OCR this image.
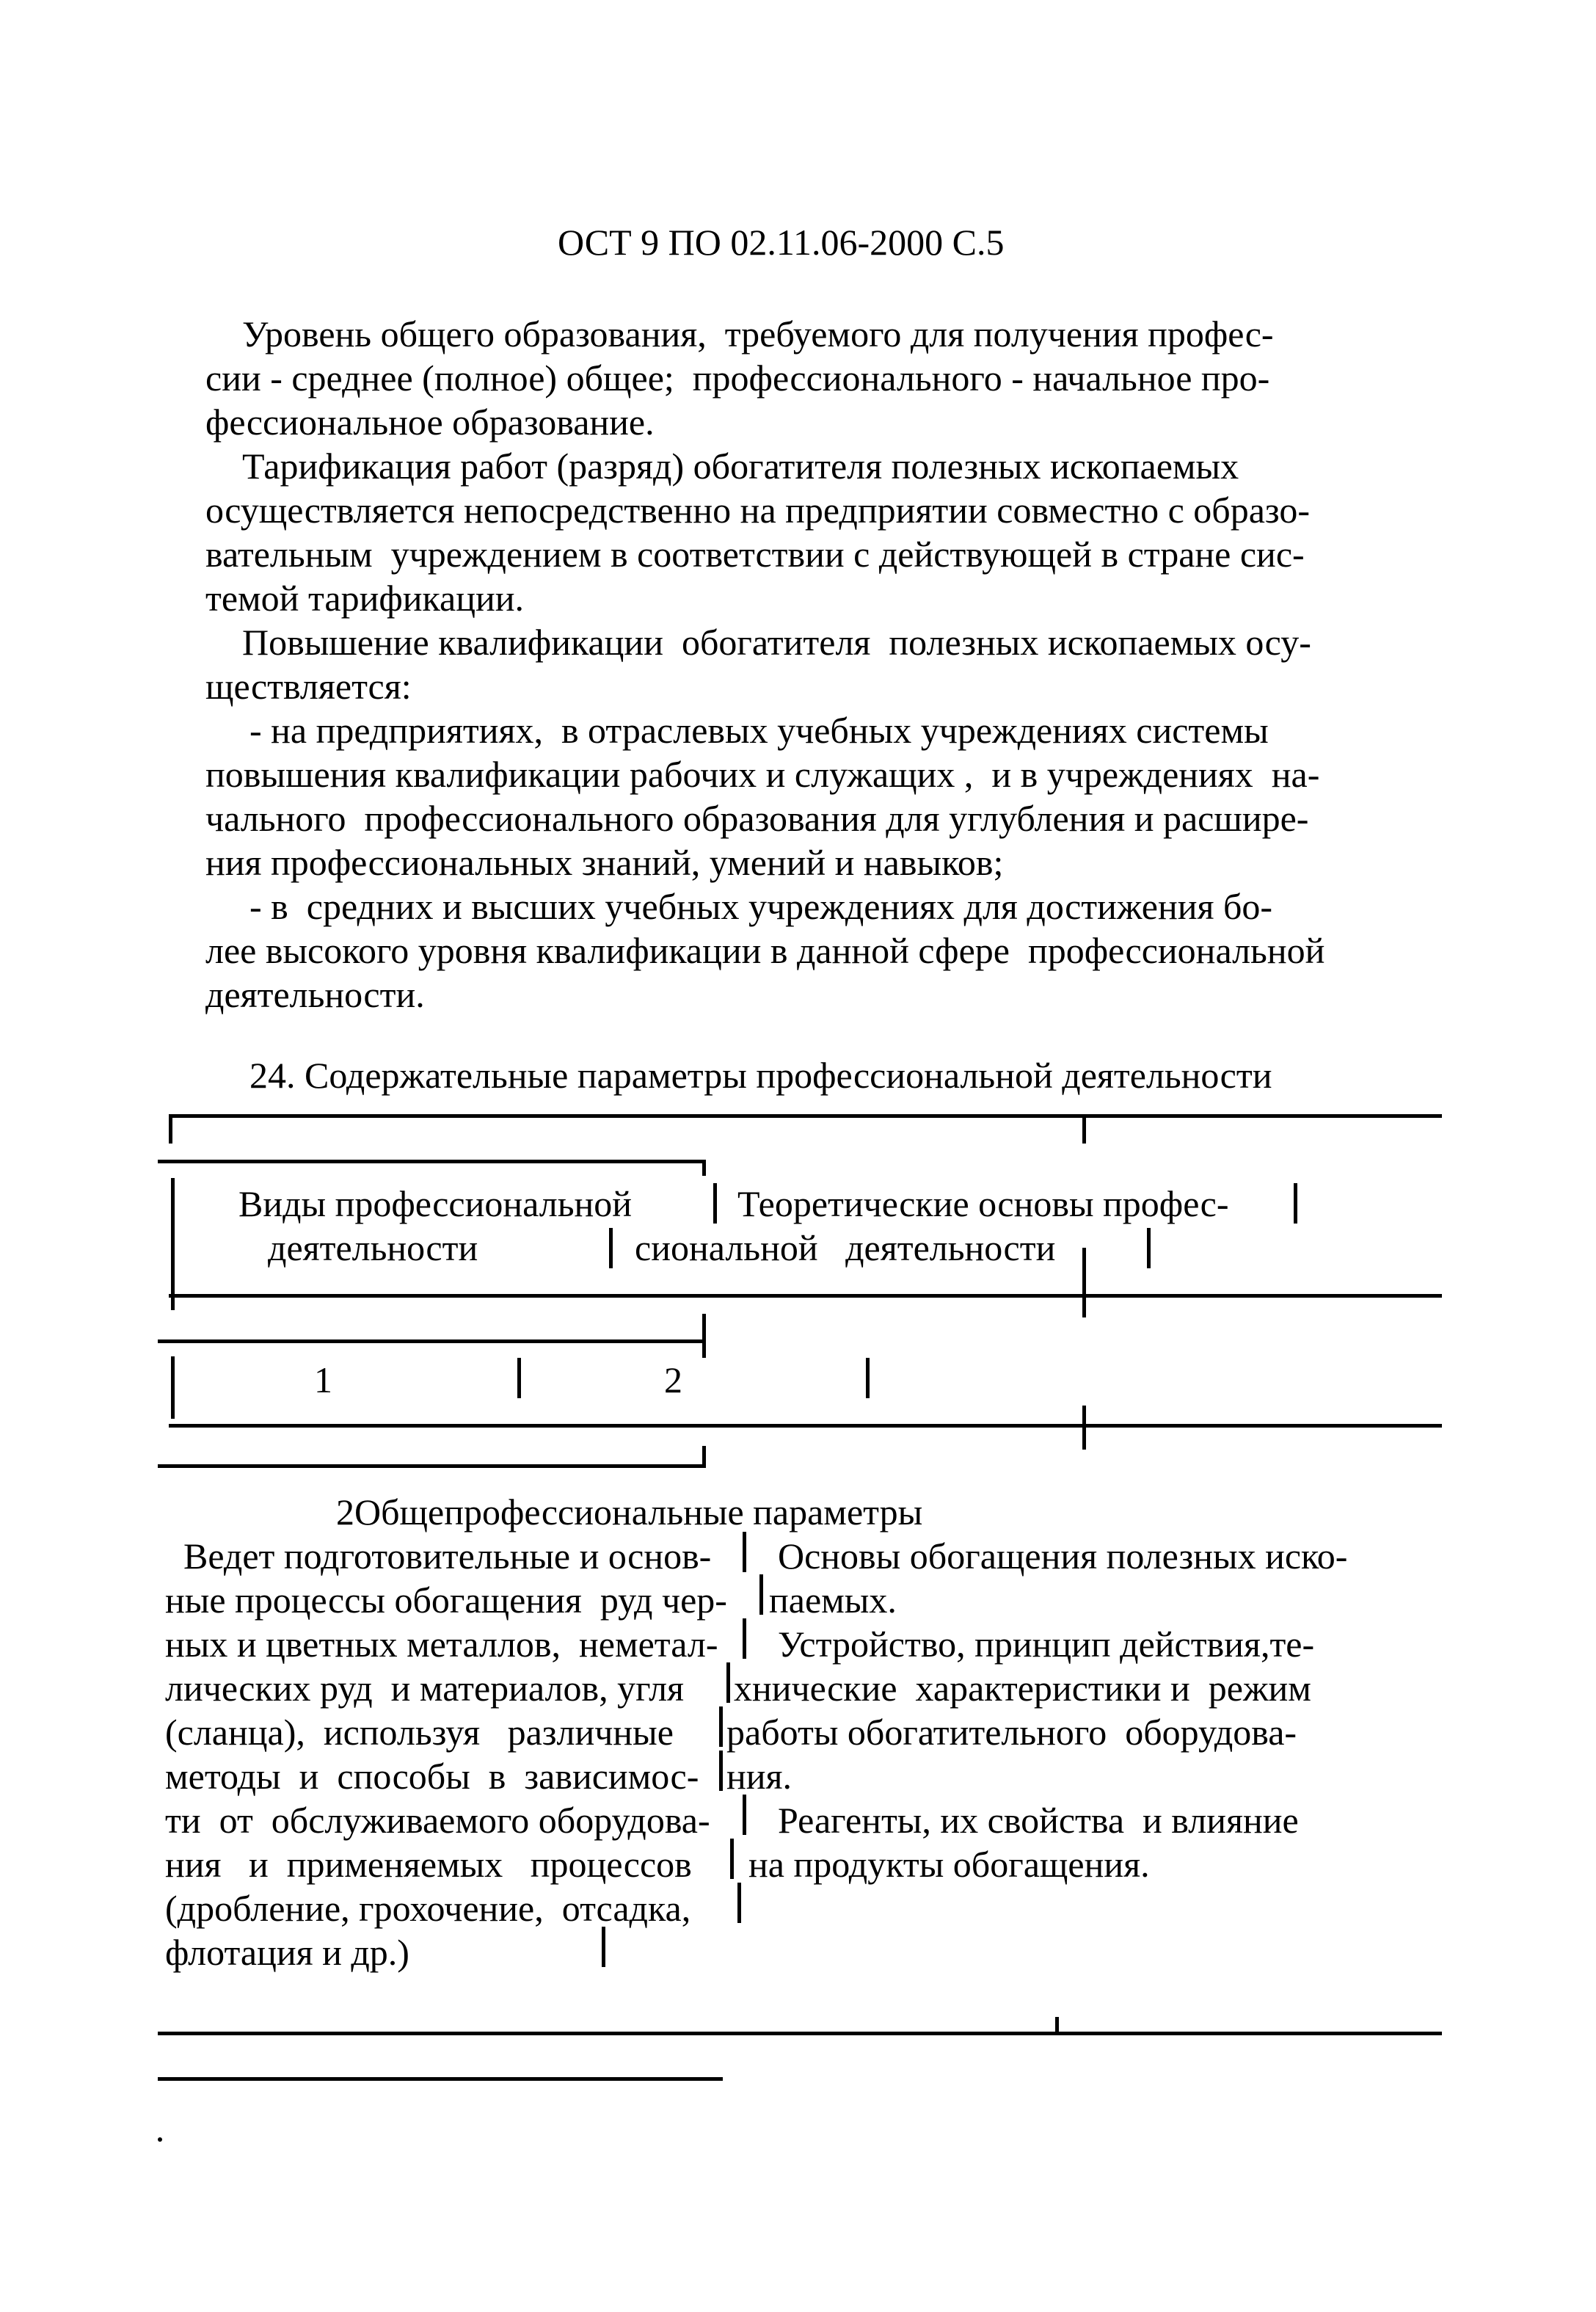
ОСТ 9 ПО 02.11.06-2000 С.5
Уровень общего образования,  требуемого для получения профес-
сии - среднее (полное) общее;  профессионального - начальное про-
фессиональное образование.
Тарификация работ (разряд) обогатителя полезных ископаемых
осуществляется непосредственно на предприятии совместно с образо-
вательным  учреждением в соответствии с действующей в стране сис-
темой тарификации.
Повышение квалификации  обогатителя  полезных ископаемых осу-
ществляется:
- на предприятиях,  в отраслевых учебных учреждениях системы
повышения квалификации рабочих и служащих ,  и в учреждениях  на-
чального  профессионального образования для углубления и расшире-
ния профессиональных знаний, умений и навыков;
- в  средних и высших учебных учреждениях для достижения бо-
лее высокого уровня квалификации в данной сфере  профессиональной
деятельности.
24. Содержательные параметры профессиональной деятельности
Виды профессиональной
деятельности
Теоретические основы профес-
сиональной   деятельности
1	2
2Общепрофессиональные параметры
Ведет подготовительные и основ-
ные процессы обогащения  руд чер-
ных и цветных металлов,  неметал-
лических руд  и материалов, угля
(сланца),  используя   различные
методы  и  способы  в  зависимос-
ти  от  обслуживаемого оборудова-
ния   и  применяемых   процессов
(дробление, грохочение,  отсадка,
флотация и др.)
Основы обогащения полезных иско-
паемых.
Устройство, принцип действия,те-
хнические  характеристики и  режим
работы обогатительного  оборудова-
ния.
Реагенты, их свойства  и влияние
на продукты обогащения.
